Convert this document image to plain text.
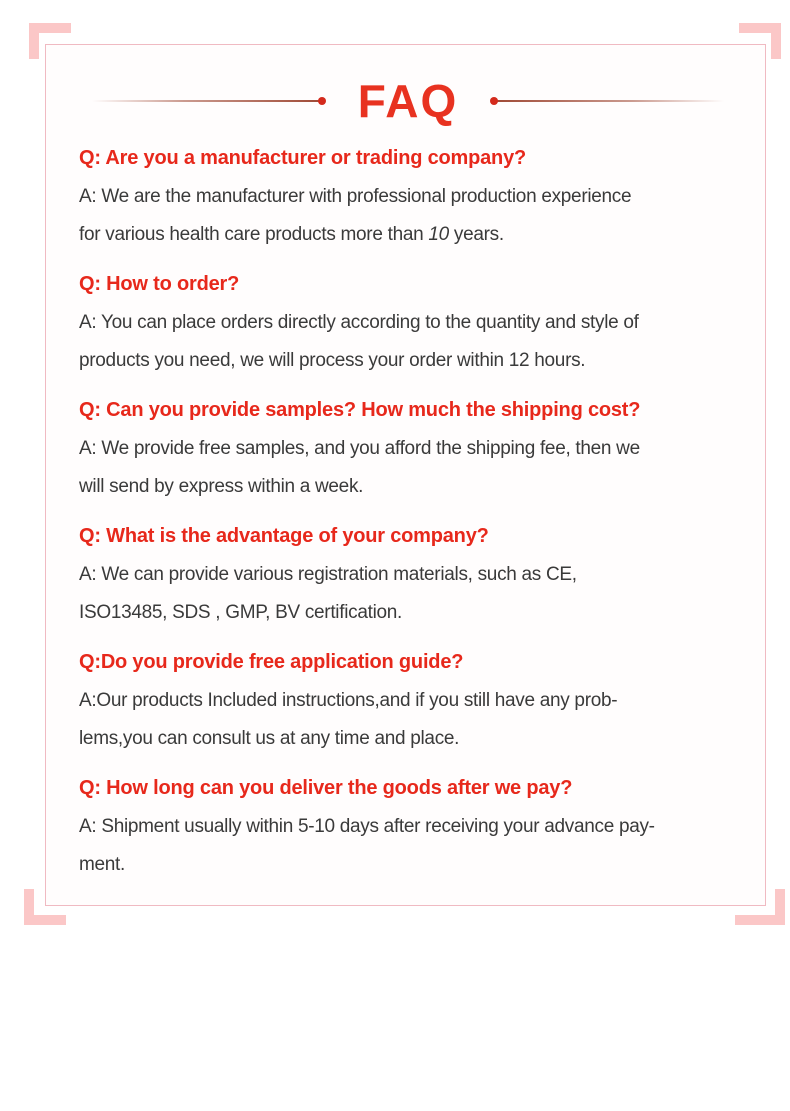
FAQ
Q: Are you a manufacturer or trading company?
A: We are the manufacturer with professional production experience
for various health care products more than 10 years.
Q: How to order?
A: You can place orders directly according to the quantity and style of
products you need, we will process your order within 12 hours.
Q: Can you provide samples? How much the shipping cost?
A: We provide free samples, and you afford the shipping fee, then we
will send by express within a week.
Q: What is the advantage of your company?
A: We can provide various registration materials, such as CE,
ISO13485, SDS , GMP, BV certification.
Q:Do you provide free application guide?
A:Our products Included instructions,and if you still have any prob-
lems,you can consult us at any time and place.
Q: How long can you deliver the goods after we pay?
A: Shipment usually within 5-10 days after receiving your advance pay-
ment.
